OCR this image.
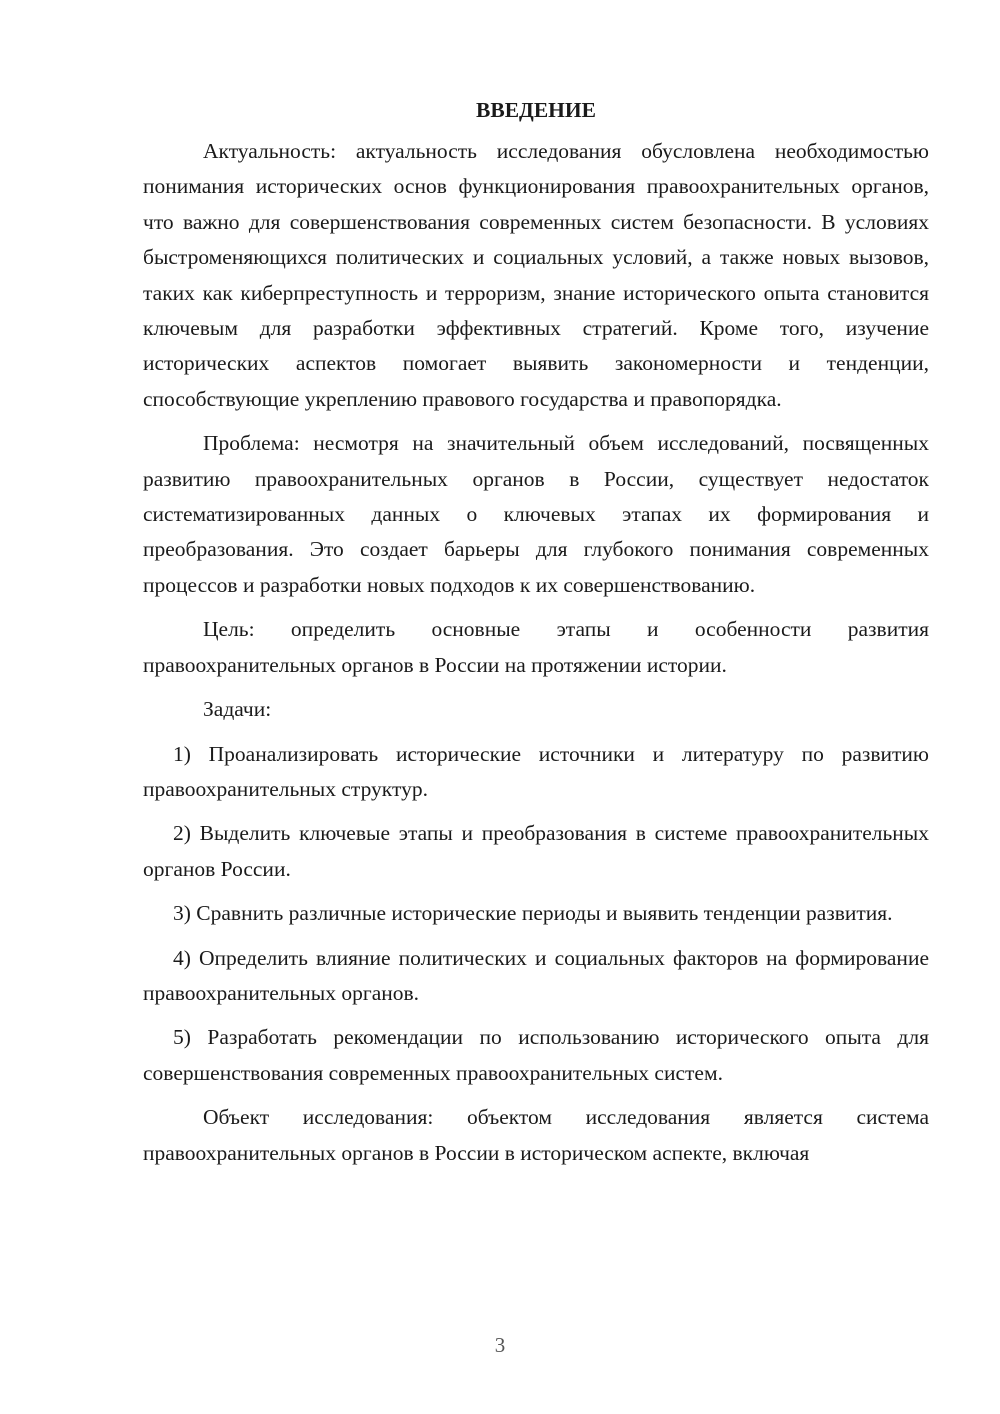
ВВЕДЕНИЕ

Актуальность: актуальность исследования обусловлена необходимостью понимания исторических основ функционирования правоохранительных органов, что важно для совершенствования современных систем безопасности. В условиях быстроменяющихся политических и социальных условий, а также новых вызовов, таких как киберпреступность и терроризм, знание исторического опыта становится ключевым для разработки эффективных стратегий. Кроме того, изучение исторических аспектов помогает выявить закономерности и тенденции, способствующие укреплению правового государства и правопорядка.

Проблема: несмотря на значительный объем исследований, посвященных развитию правоохранительных органов в России, существует недостаток систематизированных данных о ключевых этапах их формирования и преобразования. Это создает барьеры для глубокого понимания современных процессов и разработки новых подходов к их совершенствованию.

Цель: определить основные этапы и особенности развития правоохранительных органов в России на протяжении истории.

Задачи:

1) Проанализировать исторические источники и литературу по развитию правоохранительных структур.

2) Выделить ключевые этапы и преобразования в системе правоохранительных органов России.

3) Сравнить различные исторические периоды и выявить тенденции развития.

4) Определить влияние политических и социальных факторов на формирование правоохранительных органов.

5) Разработать рекомендации по использованию исторического опыта для совершенствования современных правоохранительных систем.

Объект исследования: объектом исследования является система правоохранительных органов в России в историческом аспекте, включая

3
